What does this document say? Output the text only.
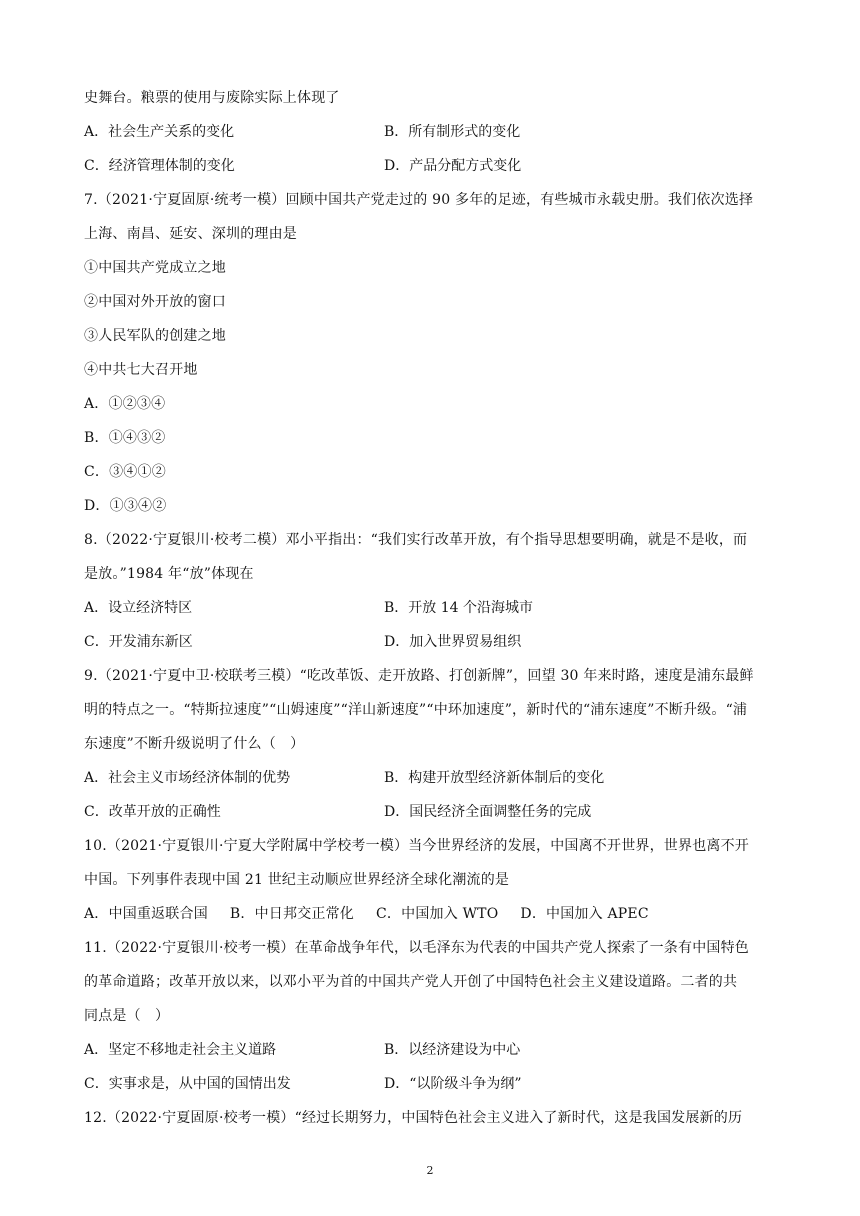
史舞台。粮票的使用与废除实际上体现了
A．社会生产关系的变化	B．所有制形式的变化
C．经济管理体制的变化	D．产品分配方式变化
7.（2021·宁夏固原·统考一模）回顾中国共产党走过的 90 多年的足迹，有些城市永载史册。我们依次选择
上海、南昌、延安、深圳的理由是
①中国共产党成立之地
②中国对外开放的窗口
③人民军队的创建之地
④中共七大召开地
A．①②③④
B．①④③②
C．③④①②
D．①③④②
8.（2022·宁夏银川·校考二模）邓小平指出：“我们实行改革开放，有个指导思想要明确，就是不是收，而
是放。”1984 年“放”体现在
A．设立经济特区	B．开放 14 个沿海城市
C．开发浦东新区	D．加入世界贸易组织
9.（2021·宁夏中卫·校联考三模）“吃改革饭、走开放路、打创新牌”，回望 30 年来时路，速度是浦东最鲜
明的特点之一。“特斯拉速度”“山姆速度”“洋山新速度”“中环加速度”，新时代的“浦东速度”不断升级。“浦
东速度”不断升级说明了什么（　）
A．社会主义市场经济体制的优势	B．构建开放型经济新体制后的变化
C．改革开放的正确性	D．国民经济全面调整任务的完成
10.（2021·宁夏银川·宁夏大学附属中学校考一模）当今世界经济的发展，中国离不开世界，世界也离不开
中国。下列事件表现中国 21 世纪主动顺应世界经济全球化潮流的是
A．中国重返联合国 B．中日邦交正常化 C．中国加入 WTO D．中国加入 APEC
11.（2022·宁夏银川·校考一模）在革命战争年代，以毛泽东为代表的中国共产党人探索了一条有中国特色
的革命道路；改革开放以来，以邓小平为首的中国共产党人开创了中国特色社会主义建设道路。二者的共
同点是（　）
A．坚定不移地走社会主义道路	B．以经济建设为中心
C．实事求是，从中国的国情出发	D．“以阶级斗争为纲”
12.（2022·宁夏固原·校考一模）“经过长期努力，中国特色社会主义进入了新时代，这是我国发展新的历
2
